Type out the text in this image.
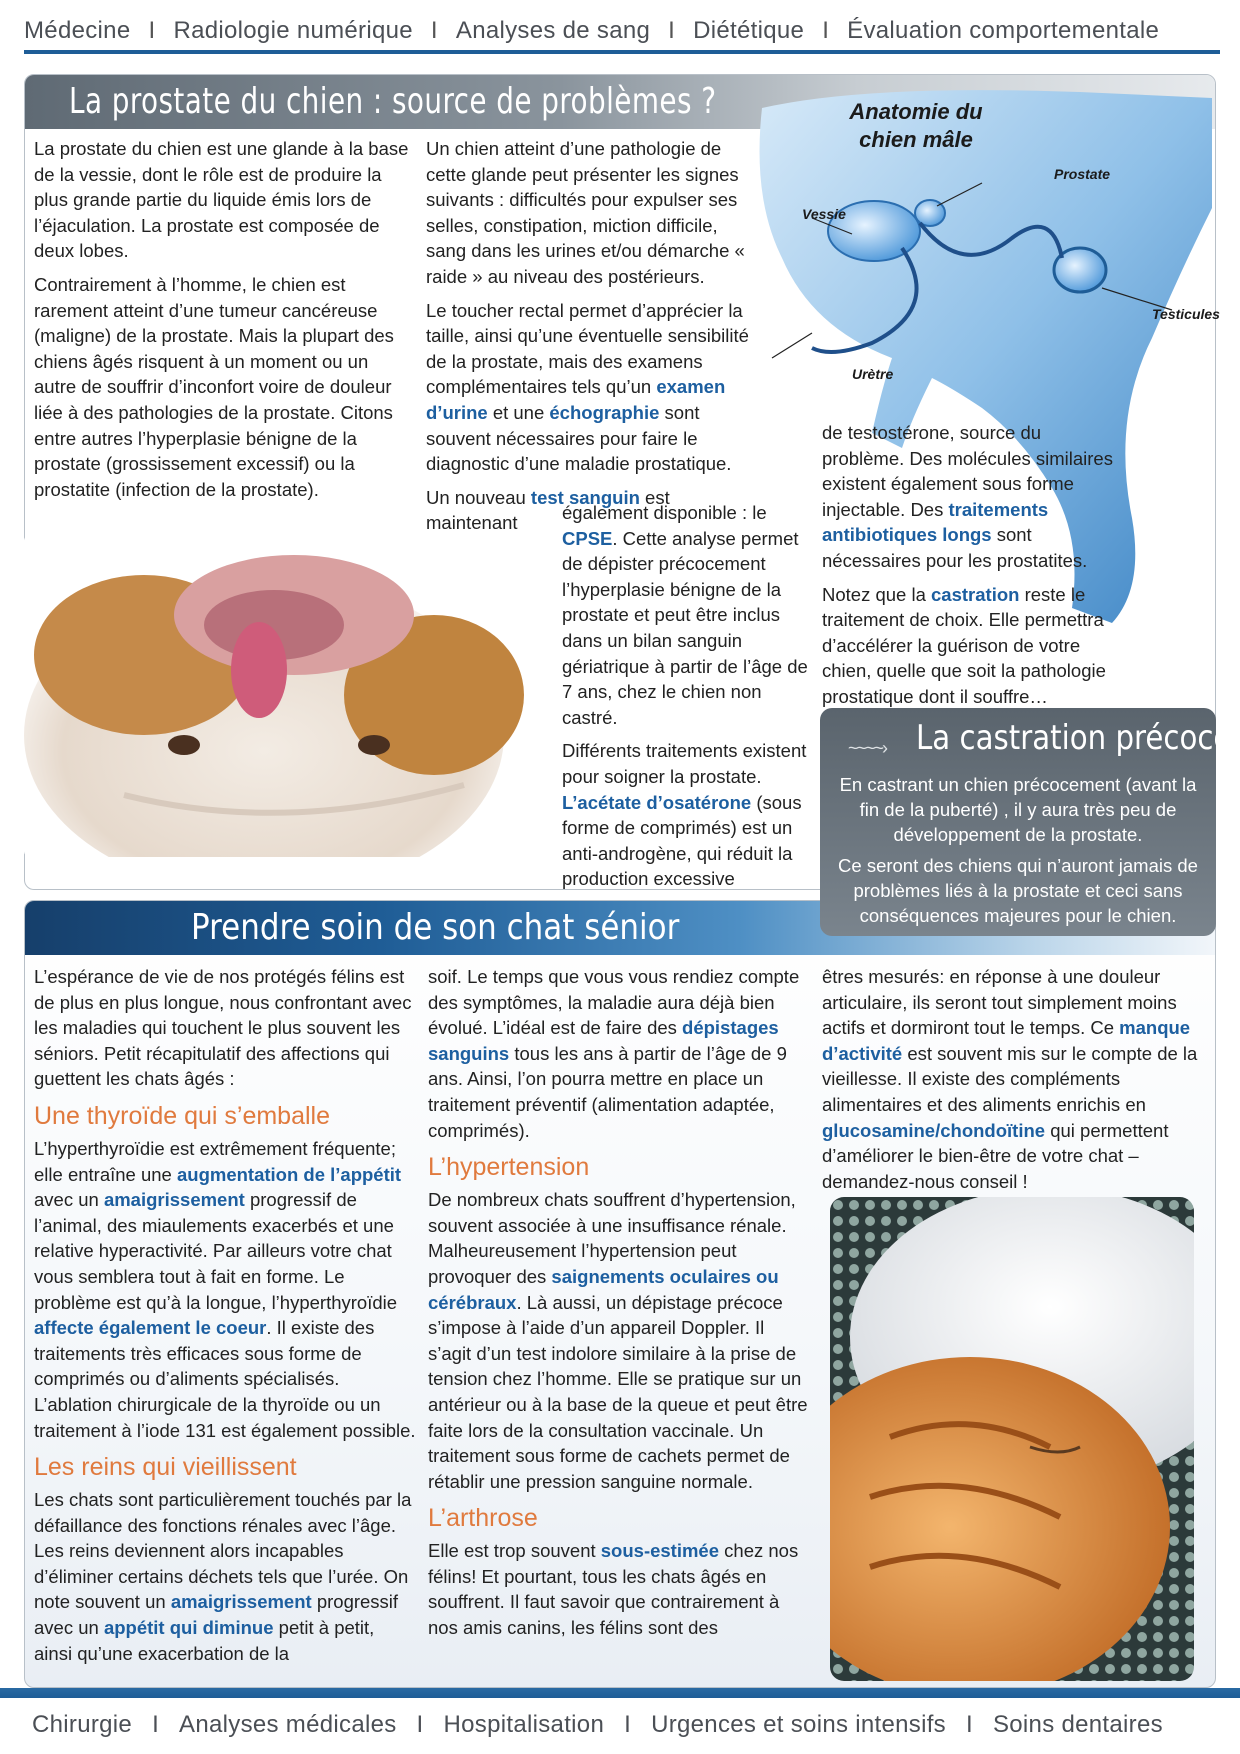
Médecine I Radiologie numérique I Analyses de sang I Diététique I Évaluation comportementale
La prostate du chien : source de problèmes ?

La prostate du chien est une glande à la base de la vessie, dont le rôle est de produire la plus grande partie du liquide émis lors de l’éjaculation. La prostate est composée de deux lobes.

Contrairement à l’homme, le chien est rarement atteint d’une tumeur cancéreuse (maligne) de la prostate. Mais la plupart des chiens âgés risquent à un moment ou un autre de souffrir d’inconfort voire de douleur liée à des pathologies de la prostate. Citons entre autres l’hyperplasie bénigne de la prostate (grossissement excessif) ou la prostatite (infection de la prostate).

Un chien atteint d’une pathologie de cette glande peut présenter les signes suivants : difficultés pour expulser ses selles, constipation, miction difficile, sang dans les urines et/ou démarche « raide » au niveau des postérieurs.

Le toucher rectal permet d’apprécier la taille, ainsi qu’une éventuelle sensibilité de la prostate, mais des examens complémentaires tels qu’un examen d’urine et une échographie sont souvent nécessaires pour faire le diagnostic d’une maladie prostatique.

Un nouveau test sanguin est maintenant	également disponible : le CPSE. Cette analyse permet de dépister précocement l’hyperplasie bénigne de la prostate et peut être inclus dans un bilan sanguin gériatrique à partir de l’âge de 7 ans, chez le chien non castré.

Différents traitements existent pour soigner la prostate. L’acétate d’osatérone (sous forme de comprimés) est un anti-androgène, qui réduit la production excessive

Anatomie du chien mâle
Prostate
Vessie
Testicules
Urètre

de testostérone, source du problème. Des molécules similaires existent également sous forme injectable. Des traitements antibiotiques longs sont nécessaires pour les prostatites.

Notez que la castration reste le traitement de choix. Elle permettra d’accélérer la guérison de votre chien, quelle que soit la pathologie prostatique dont il souffre…

Prendre soin de son chat sénior
~~~~› La castration précoce

En castrant un chien précocement (avant la fin de la puberté) , il y aura très peu de développement de la prostate.

Ce seront des chiens qui n’auront jamais de problèmes liés à la prostate et ceci sans conséquences majeures pour le chien.

L’espérance de vie de nos protégés félins est de plus en plus longue, nous confrontant avec les maladies qui touchent le plus souvent les séniors. Petit récapitulatif des affections qui guettent les chats âgés :

Une thyroïde qui s’emballe

L’hyperthyroïdie est extrêmement fréquente; elle entraîne une augmentation de l’appétit avec un amaigrissement progressif de l’animal, des miaulements exacerbés et une relative hyperactivité. Par ailleurs votre chat vous semblera tout à fait en forme. Le problème est qu’à la longue, l’hyperthyroïdie affecte également le coeur. Il existe des traitements très efficaces sous forme de comprimés ou d’aliments spécialisés. L’ablation chirurgicale de la thyroïde ou un traitement à l’iode 131 est également possible.

Les reins qui vieillissent

Les chats sont particulièrement touchés par la défaillance des fonctions rénales avec l’âge. Les reins deviennent alors incapables d’éliminer certains déchets tels que l’urée. On note souvent un amaigrissement progressif avec un appétit qui diminue petit à petit, ainsi qu’une exacerbation de la

soif. Le temps que vous vous rendiez compte des symptômes, la maladie aura déjà bien évolué. L’idéal est de faire des dépistages sanguins tous les ans à partir de l’âge de 9 ans. Ainsi, l’on pourra mettre en place un traitement préventif (alimentation adaptée, comprimés).

L’hypertension

De nombreux chats souffrent d’hypertension, souvent associée à une insuffisance rénale. Malheureusement l’hypertension peut provoquer des saignements oculaires ou cérébraux. Là aussi, un dépistage précoce s’impose à l’aide d’un appareil Doppler. Il s’agit d’un test indolore similaire à la prise de tension chez l’homme. Elle se pratique sur un antérieur ou à la base de la queue et peut être faite lors de la consultation vaccinale. Un traitement sous forme de cachets permet de rétablir une pression sanguine normale.

L’arthrose

Elle est trop souvent sous-estimée chez nos félins! Et pourtant, tous les chats âgés en souffrent. Il faut savoir que contrairement à nos amis canins, les félins sont des

êtres mesurés: en réponse à une douleur articulaire, ils seront tout simplement moins actifs et dormiront tout le temps. Ce manque d’activité est souvent mis sur le compte de la vieillesse. Il existe des compléments alimentaires et des aliments enrichis en glucosamine/chondoïtine qui permettent d’améliorer le bien-être de votre chat – demandez-nous conseil !

Chirurgie I Analyses médicales I Hospitalisation I Urgences et soins intensifs I Soins dentaires
